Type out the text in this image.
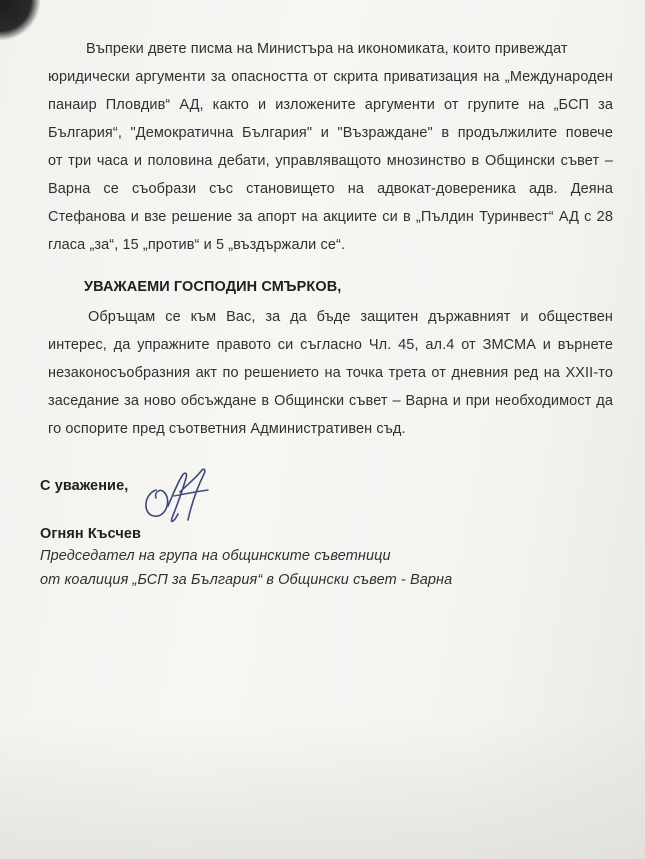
Въпреки двете писма на Министъра на икономиката, които привеждат
юридически аргументи за опасността от скрита приватизация на „Международен
панаир Пловдив“ АД, както и изложените аргументи от групите на „БСП за
България“, "Демократична България" и "Възраждане" в продължилите повече
от три часа и половина дебати, управляващото мнозинство в Общински съвет –
Варна се съобрази със становището на адвокат-довереника адв. Деяна
Стефанова и взе решение за апорт на акциите си в „Пълдин Туринвест“ АД с 28
гласа „за“, 15 „против“ и 5 „въздържали се“.
УВАЖАЕМИ ГОСПОДИН СМЪРКОВ,
Обръщам се към Вас, за да бъде защитен държавният и обществен
интерес, да упражните правото си съгласно Чл. 45, ал.4 от ЗМСМА и върнете
незаконосъобразния акт по решението на точка трета от дневния ред на XXII-то
заседание за ново обсъждане в Общински съвет – Варна и при необходимост да
го оспорите пред съответния Административен съд.
С уважение,
Огнян Късчев
Председател на група на общинските съветници
от коалиция „БСП за България“ в Общински съвет - Варна
